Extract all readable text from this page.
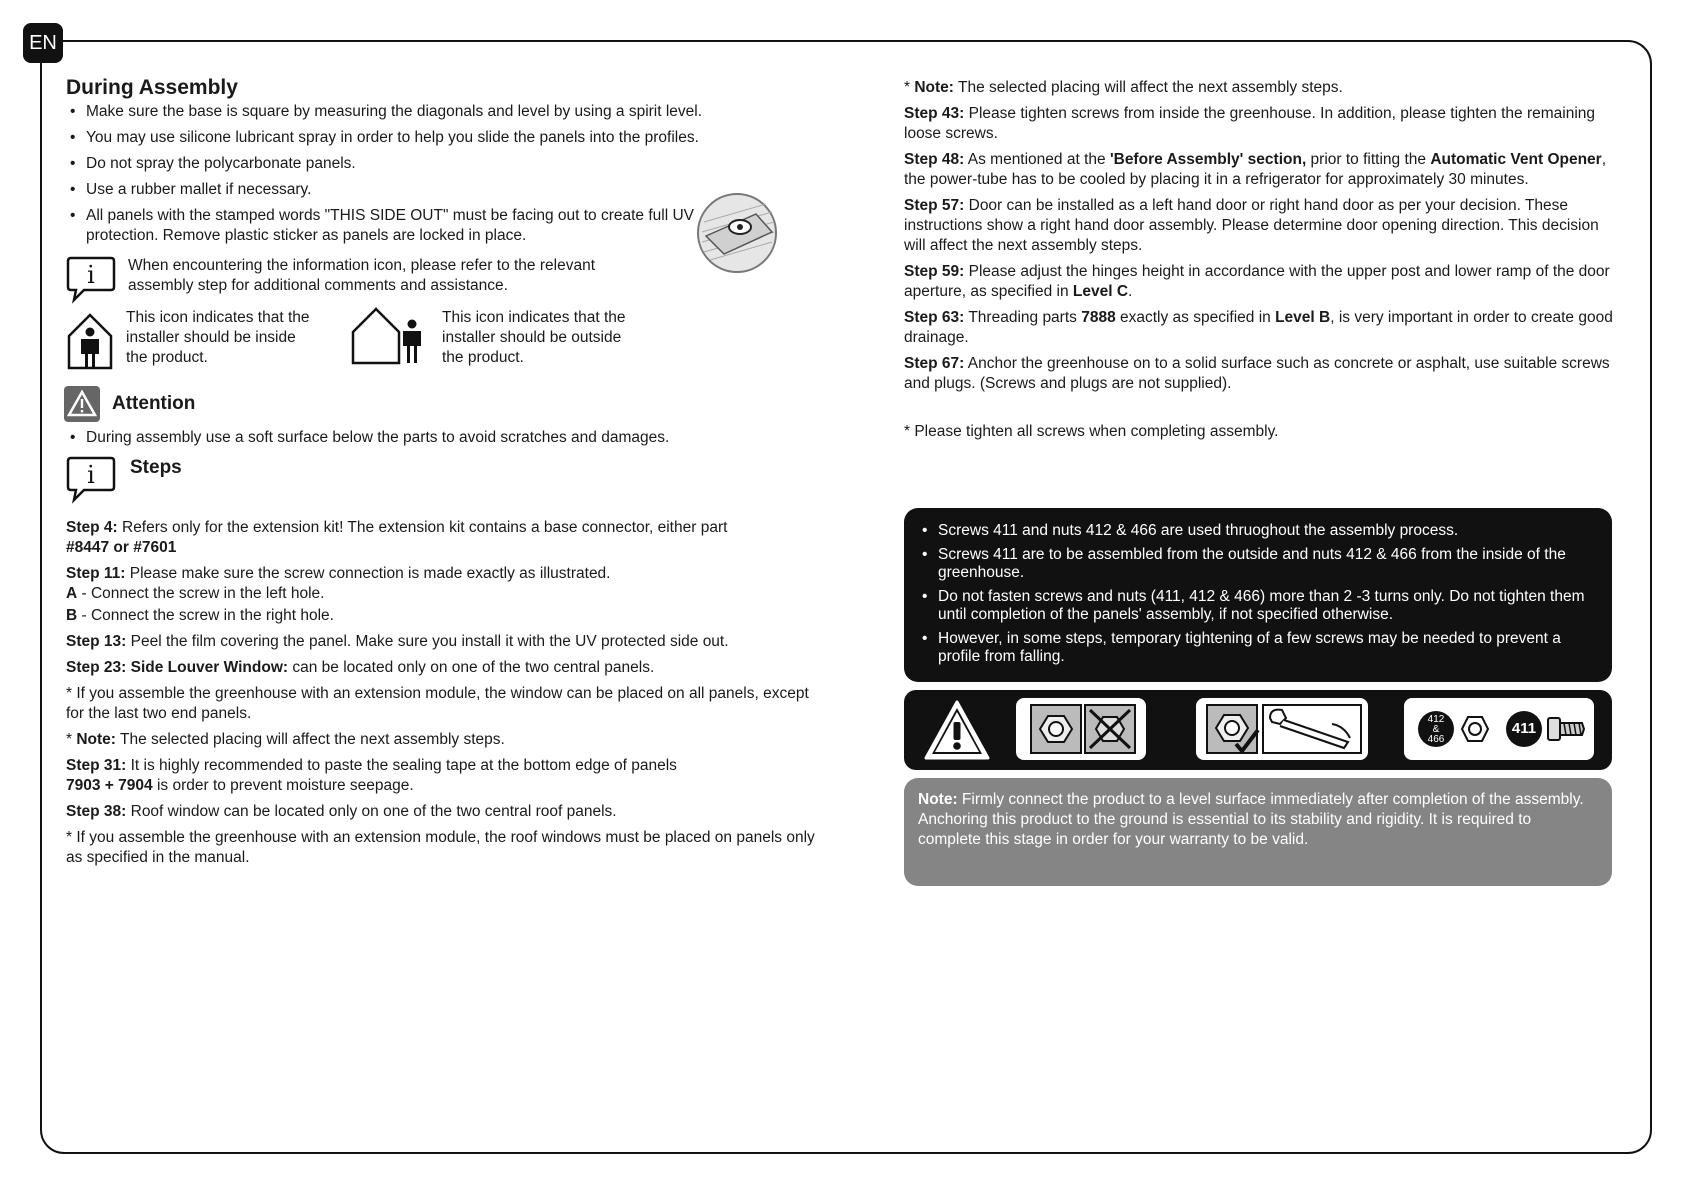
EN
During Assembly
• Make sure the base is square by measuring the diagonals and level by using a spirit level.
• You may use silicone lubricant spray in order to help you slide the panels into the profiles.
• Do not spray the polycarbonate panels.
• Use a rubber mallet if necessary.
• All panels with the stamped words "THIS SIDE OUT" must be facing out to create full UV protection. Remove plastic sticker as panels are locked in place.
i When encountering the information icon, please refer to the relevant assembly step for additional comments and assistance.
This icon indicates that the installer should be inside the product.
This icon indicates that the installer should be outside the product.
Attention
• During assembly use a soft surface below the parts to avoid scratches and damages.
i Steps

Step 4: Refers only for the extension kit! The extension kit contains a base connector, either part
#8447 or #7601

Step 11: Please make sure the screw connection is made exactly as illustrated.
A - Connect the screw in the left hole.

B - Connect the screw in the right hole.

Step 13: Peel the film covering the panel. Make sure you install it with the UV protected side out.

Step 23: Side Louver Window: can be located only on one of the two central panels.

* If you assemble the greenhouse with an extension module, the window can be placed on all panels, except for the last two end panels.

* Note: The selected placing will affect the next assembly steps.

Step 31: It is highly recommended to paste the sealing tape at the bottom edge of panels 7903 + 7904 is order to prevent moisture seepage.

Step 38: Roof window can be located only on one of the two central roof panels.

* If you assemble the greenhouse with an extension module, the roof windows must be placed on panels only as specified in the manual.

* Note: The selected placing will affect the next assembly steps.

Step 43: Please tighten screws from inside the greenhouse. In addition, please tighten the remaining loose screws.

Step 48: As mentioned at the 'Before Assembly' section, prior to fitting the Automatic Vent Opener, the power-tube has to be cooled by placing it in a refrigerator for approximately 30 minutes.

Step 57: Door can be installed as a left hand door or right hand door as per your decision. These instructions show a right hand door assembly. Please determine door opening direction. This decision will affect the next assembly steps.

Step 59: Please adjust the hinges height in accordance with the upper post and lower ramp of the door aperture, as specified in Level C.

Step 63: Threading parts 7888 exactly as specified in Level B, is very important in order to create good drainage.

Step 67: Anchor the greenhouse on to a solid surface such as concrete or asphalt, use suitable screws and plugs. (Screws and plugs are not supplied).

* Please tighten all screws when completing assembly.

• Screws 411 and nuts 412 & 466 are used thruoghout the assembly process.
• Screws 411 are to be assembled from the outside and nuts 412 & 466 from the inside of the greenhouse.
• Do not fasten screws and nuts (411, 412 & 466) more than 2 -3 turns only. Do not tighten them until completion of the panels' assembly, if not specified otherwise.
• However, in some steps, temporary tightening of a few screws may be needed to prevent a profile from falling.
412
&
466
411
Note: Firmly connect the product to a level surface immediately after completion of the assembly.
Anchoring this product to the ground is essential to its stability and rigidity. It is required to complete this stage in order for your warranty to be valid.
